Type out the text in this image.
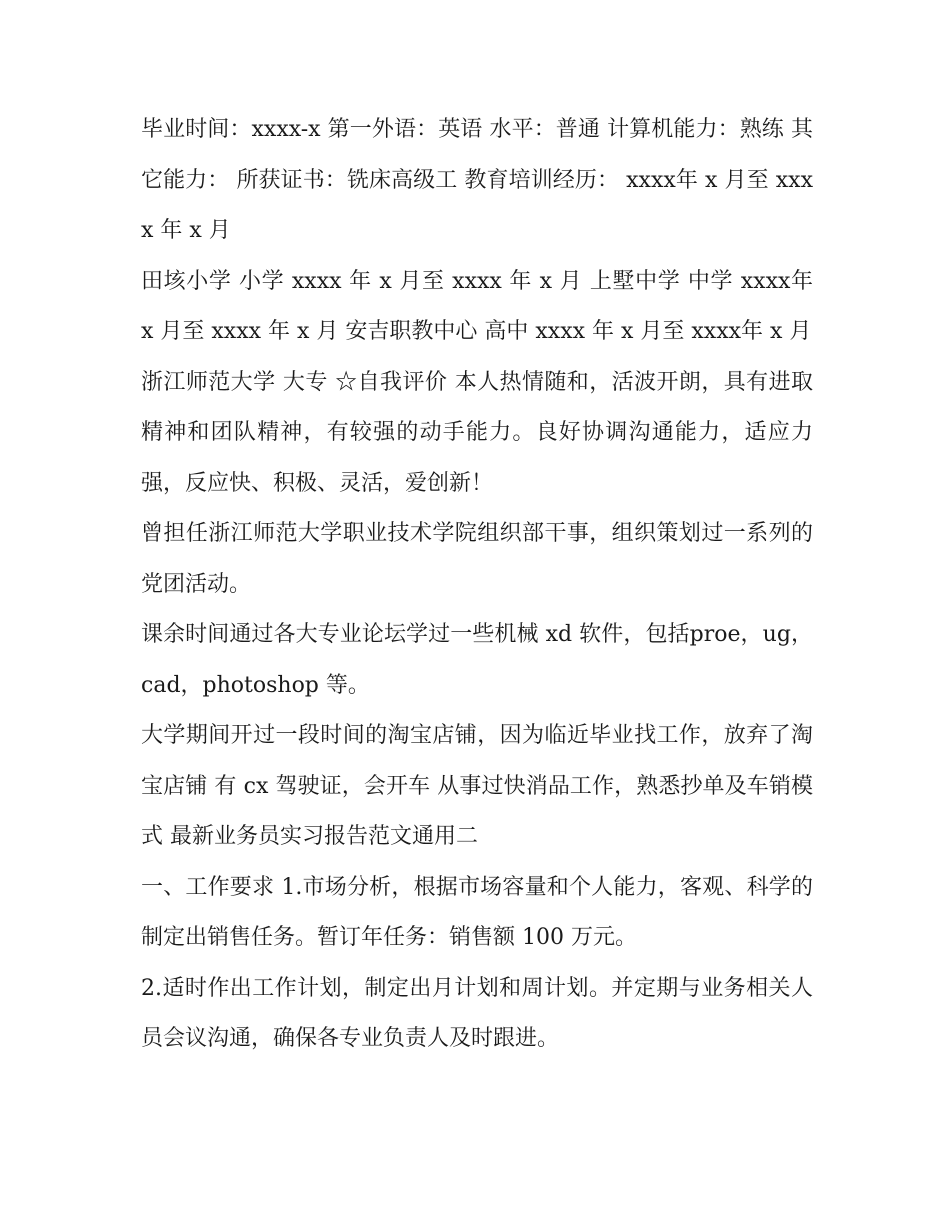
毕业时间：xxxx-x 第一外语：英语 水平：普通 计算机能力：熟练 其它能力： 所获证书：铣床高级工 教育培训经历： xxxx年 x 月至 xxxx 年 x 月

田垓小学 小学 xxxx 年 x 月至 xxxx 年 x 月 上墅中学 中学 xxxx年 x 月至 xxxx 年 x 月 安吉职教中心 高中 xxxx 年 x 月至 xxxx年 x 月

浙江师范大学 大专 ☆自我评价 本人热情随和，活波开朗，具有进取精神和团队精神，有较强的动手能力。良好协调沟通能力，适应力强，反应快、积极、灵活，爱创新！

曾担任浙江师范大学职业技术学院组织部干事，组织策划过一系列的党团活动。

课余时间通过各大专业论坛学过一些机械 xd 软件，包括proe，ug，cad，photoshop 等。

大学期间开过一段时间的淘宝店铺，因为临近毕业找工作，放弃了淘宝店铺 有 cx 驾驶证，会开车 从事过快消品工作，熟悉抄单及车销模式 最新业务员实习报告范文通用二

一、工作要求 1.市场分析，根据市场容量和个人能力，客观、科学的制定出销售任务。暂订年任务：销售额 100 万元。

2.适时作出工作计划，制定出月计划和周计划。并定期与业务相关人员会议沟通，确保各专业负责人及时跟进。
